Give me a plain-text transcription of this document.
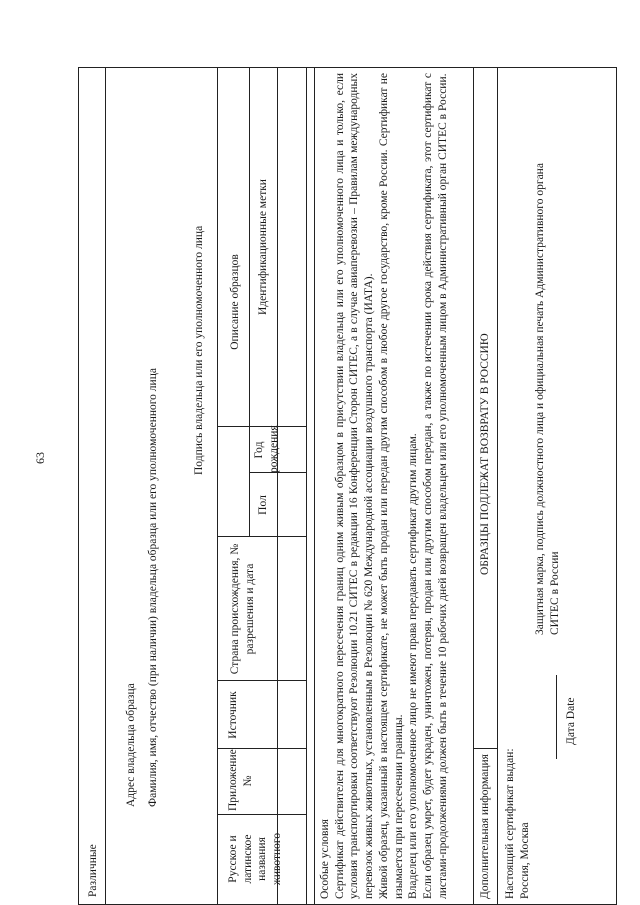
63
Различные
Адрес владельца образца Фамилия, имя, отчество (при наличии) владельца образца или его уполномоченного лица
Подпись владельца или его уполномоченного лица
Русское и латинское названия животного
Приложение №
Источник
Страна происхождения, № разрешения и дата
Описание образцов
Пол
Год рождения
Идентификационные метки
Особые условия Сертификат действителен для многократного пересечения границ одним живым образцом в присутствии владельца или его уполномоченного лица и только, если условия транспортировки соответствуют Резолюции 10.21 СИТЕС в редакции 16 Конференции Сторон СИТЕС, а в случае авиаперевозки – Правилам международных перевозок живых животных, установленным в Резолюции № 620 Международной ассоциации воздушного транспорта (ИАТА). Живой образец, указанный в настоящем сертификате, не может быть продан или передан другим способом в любое другое государство, кроме России. Сертификат не изымается при пересечении границы. Владелец или его уполномоченное лицо не имеют права передавать сертификат другим лицам. Если образец умрет, будет украден, уничтожен, потерян, продан или другим способом передан, а также по истечении срока действия сертификата, этот сертификат с листами-продолжениями должен быть в течение 10 рабочих дней возвращен владельцем или его уполномоченным лицом в Административный орган СИТЕС в России.	Дополнительная информация
ОБРАЗЦЫ ПОДЛЕЖАТ ВОЗВРАТУ В РОССИЮ
Настоящий сертификат выдан: Россия, Москва
Дата Date
Защитная марка, подпись должностного лица и официальная печать Административного органа СИТЕС в России
